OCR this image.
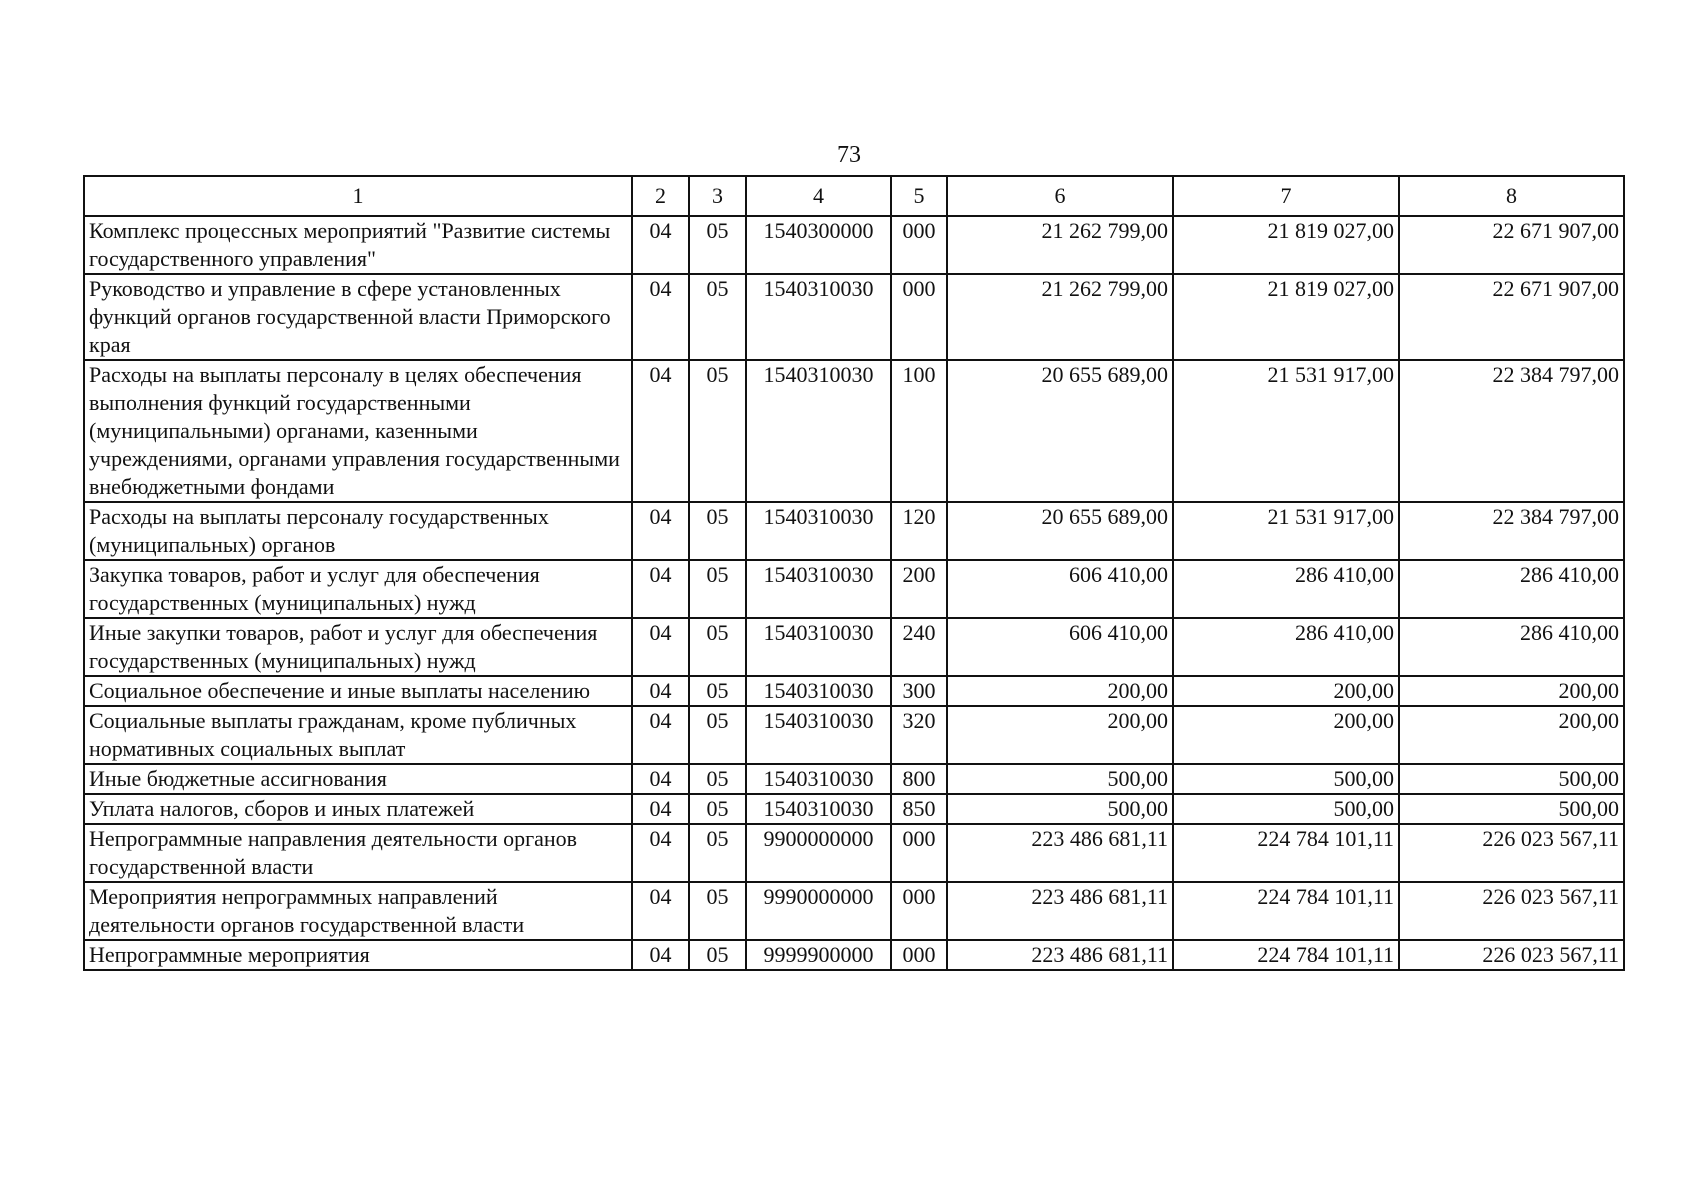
73
1	2	3	4	5	6	7	8
Комплекс процессных мероприятий "Развитие системы государственного управления"	04	05	1540300000	000	21 262 799,00	21 819 027,00	22 671 907,00
Руководство и управление в сфере установленных функций органов государственной власти Приморского края	04	05	1540310030	000	21 262 799,00	21 819 027,00	22 671 907,00
Расходы на выплаты персоналу в целях обеспечения выполнения функций государственными (муниципальными) органами, казенными учреждениями, органами управления государственными внебюджетными фондами	04	05	1540310030	100	20 655 689,00	21 531 917,00	22 384 797,00
Расходы на выплаты персоналу государственных (муниципальных) органов	04	05	1540310030	120	20 655 689,00	21 531 917,00	22 384 797,00
Закупка товаров, работ и услуг для обеспечения государственных (муниципальных) нужд	04	05	1540310030	200	606 410,00	286 410,00	286 410,00
Иные закупки товаров, работ и услуг для обеспечения государственных (муниципальных) нужд	04	05	1540310030	240	606 410,00	286 410,00	286 410,00
Социальное обеспечение и иные выплаты населению	04	05	1540310030	300	200,00	200,00	200,00
Социальные выплаты гражданам, кроме публичных нормативных социальных выплат	04	05	1540310030	320	200,00	200,00	200,00
Иные бюджетные ассигнования	04	05	1540310030	800	500,00	500,00	500,00
Уплата налогов, сборов и иных платежей	04	05	1540310030	850	500,00	500,00	500,00
Непрограммные направления деятельности органов государственной власти	04	05	9900000000	000	223 486 681,11	224 784 101,11	226 023 567,11
Мероприятия непрограммных направлений деятельности органов государственной власти	04	05	9990000000	000	223 486 681,11	224 784 101,11	226 023 567,11
Непрограммные мероприятия	04	05	9999900000	000	223 486 681,11	224 784 101,11	226 023 567,11
